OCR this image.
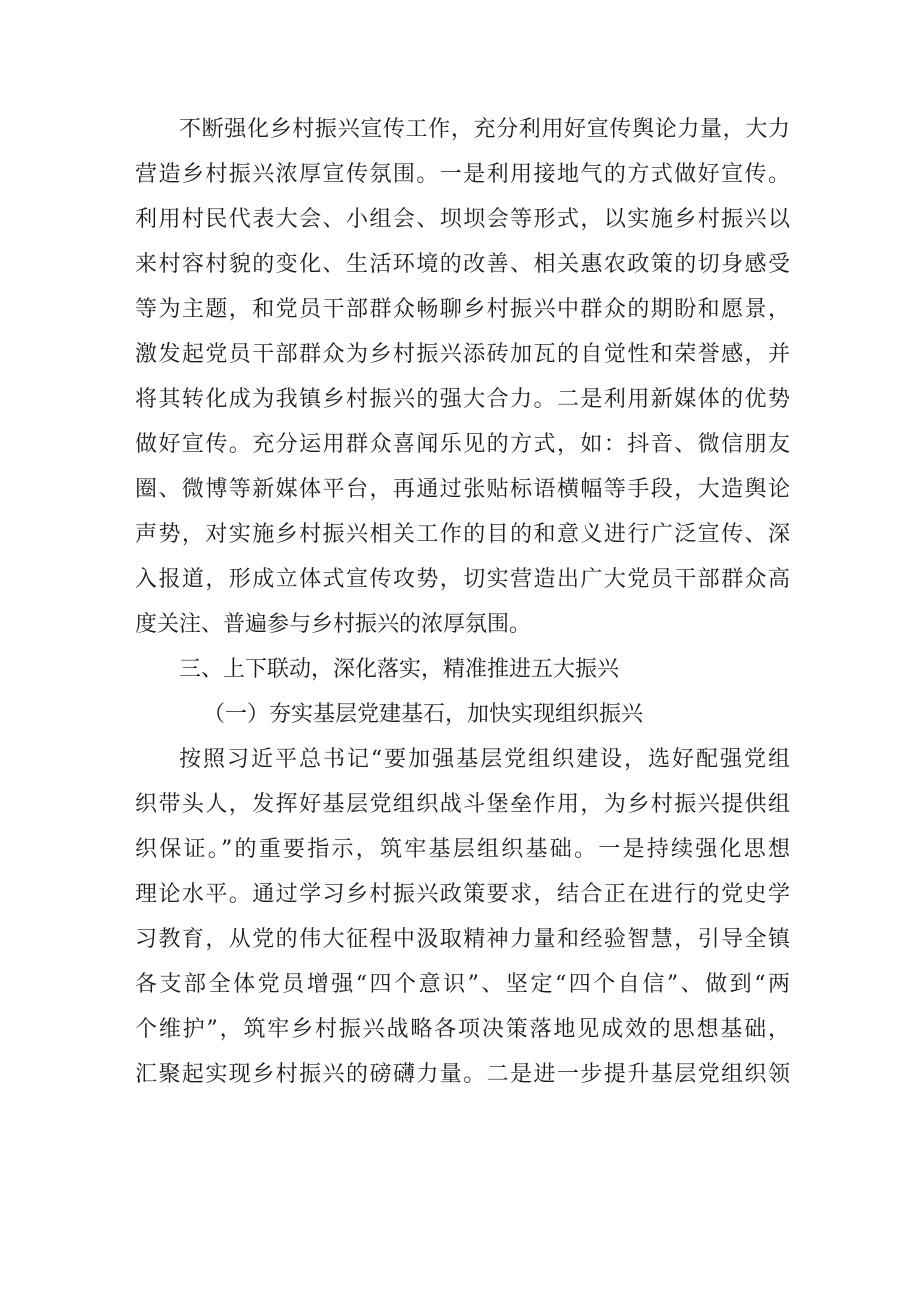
不断强化乡村振兴宣传工作，充分利用好宣传舆论力量，大力
营造乡村振兴浓厚宣传氛围。一是利用接地气的方式做好宣传。
利用村民代表大会、小组会、坝坝会等形式，以实施乡村振兴以
来村容村貌的变化、生活环境的改善、相关惠农政策的切身感受
等为主题，和党员干部群众畅聊乡村振兴中群众的期盼和愿景，
激发起党员干部群众为乡村振兴添砖加瓦的自觉性和荣誉感，并
将其转化成为我镇乡村振兴的强大合力。二是利用新媒体的优势
做好宣传。充分运用群众喜闻乐见的方式，如：抖音、微信朋友
圈、微博等新媒体平台，再通过张贴标语横幅等手段，大造舆论
声势，对实施乡村振兴相关工作的目的和意义进行广泛宣传、深
入报道，形成立体式宣传攻势，切实营造出广大党员干部群众高
度关注、普遍参与乡村振兴的浓厚氛围。
三、上下联动，深化落实，精准推进五大振兴
（一）夯实基层党建基石，加快实现组织振兴
按照习近平总书记“要加强基层党组织建设，选好配强党组
织带头人，发挥好基层党组织战斗堡垒作用，为乡村振兴提供组
织保证。”的重要指示，筑牢基层组织基础。一是持续强化思想
理论水平。通过学习乡村振兴政策要求，结合正在进行的党史学
习教育，从党的伟大征程中汲取精神力量和经验智慧，引导全镇
各支部全体党员增强“四个意识”、坚定“四个自信”、做到“两
个维护”，筑牢乡村振兴战略各项决策落地见成效的思想基础，
汇聚起实现乡村振兴的磅礴力量。二是进一步提升基层党组织领
